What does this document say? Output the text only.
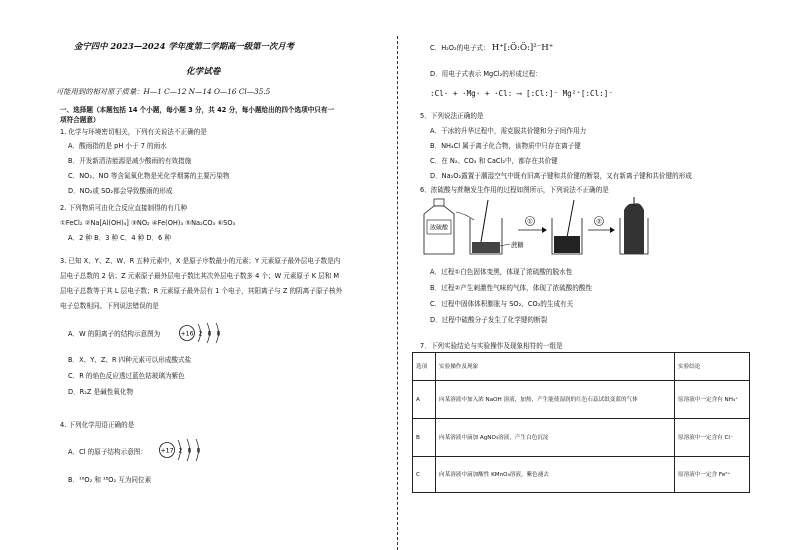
金宁四中 2023—2024 学年度第二学期高一级第一次月考
化学试卷
可能用到的相对原子质量：H—1 C—12 N—14 O—16 Cl—35.5
一、选择题（本题包括 14 个小题，每小题 3 分，共 42 分，每小题给出的四个选项中只有一
项符合题意）
1. 化学与环境密切相关，下列有关说法不正确的是
A．酸雨指的是 pH 小于 7 的雨水
B．开发新清洁能源是减少酸雨的有效措施
C．NO₂、NO 等含氮氧化物是光化学烟雾的主要污染物
D．NO₂或 SO₂都会导致酸雨的形成
2. 下列物质可由化合反应直接制得的有几种
①FeCl₂ ②Na[Al(OH)₄] ③NO₂ ④Fe(OH)₃ ⑤Na₂CO₃ ⑥SO₃
A．2 种 B．3 种 C．4 种 D．6 种
3. 已知 X、Y、Z、W、R 五种元素中，X 是原子序数最小的元素；Y 元素原子最外层电子数是内
层电子总数的 2 倍；Z 元素原子最外层电子数比其次外层电子数多 4 个；W 元素原子 K 层和 M
层电子总数等于其 L 层电子数；R 元素原子最外层有 1 个电子，其阳离子与 Z 的阴离子原子核外
电子总数相同。下列说法错误的是
A．W 的阴离子的结构示意图为	+16 2 8 8
B．X、Y、Z、R 四种元素可以形成酸式盐
C．R 的焰色反应透过蓝色钴玻璃为紫色
D．R₂Z 是碱性氧化物
4. 下列化学用语正确的是
A．Cl 的原子结构示意图： +17 2 8 8
B．¹⁶O₂ 和 ¹⁸O₂ 互为同位素
C．H₂O₂的电子式： H⁺[:Ö:Ö:]²⁻H⁺
D．用电子式表示 MgCl₂的形成过程：
:Cl· + ·Mg· + ·Cl: ⟶ [:Cl:]⁻ Mg²⁺[:Cl:]⁻
5．下列说法正确的是
A．干冰的升华过程中，需克服共价键和分子间作用力
B．NH₄Cl 属于离子化合物，该物质中只存在离子键
C．在 N₂、CO₂ 和 CaCl₂中，都存在共价键
D．Na₂O₂露置于潮湿空气中既有旧离子键和共价键的断裂，又有新离子键和共价键的形成
6．浓硫酸与蔗糖发生作用的过程如图所示，下列说法不正确的是
浓硫酸
蔗糖
①	②
A．过程①白色固体变黑，体现了浓硫酸的脱水性
B．过程②产生刺激性气味的气体，体现了浓硫酸的酸性
C．过程中固体体积膨胀与 SO₂、CO₂的生成有关
D．过程中硫酸分子发生了化学键的断裂
7．下列实验结论与实验操作及现象相符的一组是
选项	实验操作及现象	实验结论
A	向某溶液中加入浓 NaOH 溶液，加热，产生能使湿润的红色石蕊试纸变蓝的气体	原溶液中一定含有 NH₄⁺
B	向某溶液中滴加 AgNO₃溶液，产生白色沉淀	原溶液中一定含有 Cl⁻
C	向某溶液中滴加酸性 KMnO₄溶液，紫色褪去	原溶液中一定含 Fe²⁺
